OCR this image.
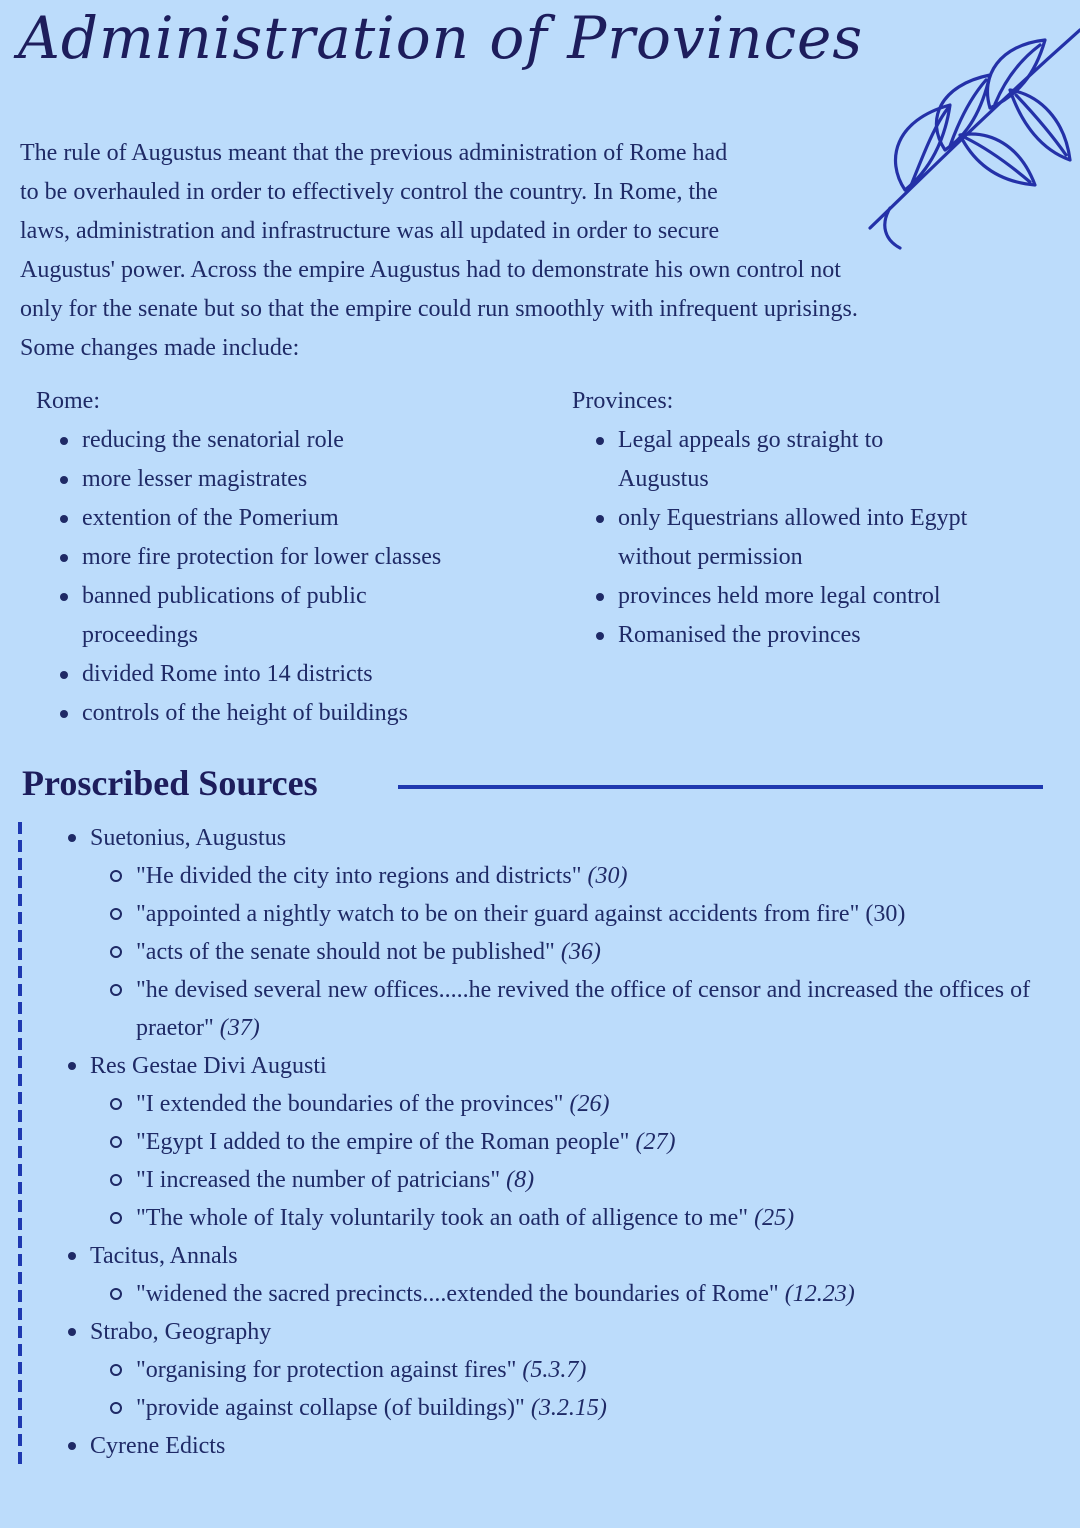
Administration of Provinces

The rule of Augustus meant that the previous administration of Rome had

to be overhauled in order to effectively control the country. In Rome, the

laws, administration and infrastructure was all updated in order to secure

Augustus' power. Across the empire Augustus had to demonstrate his own control not

only for the senate but so that the empire could run smoothly with infrequent uprisings.

Some changes made include:

Rome:

reducing the senatorial role
more lesser magistrates
extention of the Pomerium
more fire protection for lower classes
banned publications of public proceedings
divided Rome into 14 districts
controls of the height of buildings

Provinces:

Legal appeals go straight to Augustus
only Equestrians allowed into Egypt without permission
provinces held more legal control
Romanised the provinces
Proscribed Sources
Suetonius, Augustus
"He divided the city into regions and districts" (30)
"appointed a nightly watch to be on their guard against accidents from fire" (30)
"acts of the senate should not be published" (36)
"he devised several new offices.....he revived the office of censor and increased the offices of praetor" (37)
Res Gestae Divi Augusti
"I extended the boundaries of the provinces" (26)
"Egypt I added to the empire of the Roman people" (27)
"I increased the number of patricians" (8)
"The whole of Italy voluntarily took an oath of alligence to me" (25)
Tacitus, Annals
"widened the sacred precincts....extended the boundaries of Rome" (12.23)
Strabo, Geography
"organising for protection against fires" (5.3.7)
"provide against collapse (of buildings)" (3.2.15)
Cyrene Edicts
